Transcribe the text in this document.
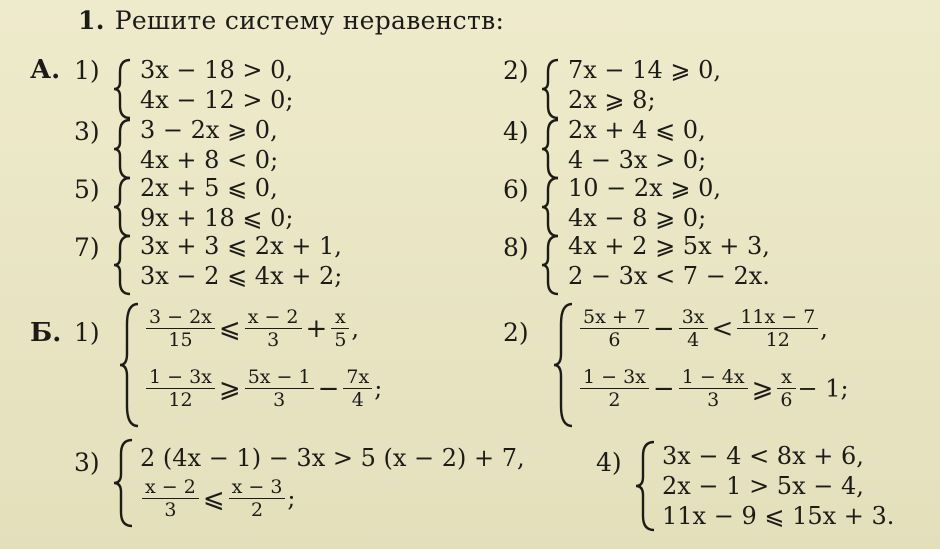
1. Решите систему неравенств:
А. 1) 3x − 18 > 0,
4x − 12 > 0;
2) 7x − 14 ⩾ 0,
2x ⩾ 8;
3) 3 − 2x ⩾ 0,
4x + 8 < 0;
4) 2x + 4 ⩽ 0,
4 − 3x > 0;
5) 2x + 5 ⩽ 0,
9x + 18 ⩽ 0;
6) 10 − 2x ⩾ 0,
4x − 8 ⩾ 0;
7) 3x + 3 ⩽ 2x + 1,
3x − 2 ⩽ 4x + 2;
8) 4x + 2 ⩾ 5x + 3,
2 − 3x < 7 − 2x.
Б. $1) \frac{3 - 2x}{15}$ ⩽ $\frac{x - 2}{3} + \frac{x}{5}$ ,
$\frac{1 - 3x}{12}$ ⩾ $\frac{5x - 1}{3} - \frac{7x}{4}$ ;
2)	$\frac{5x + 7}{6} - \frac{3x}{4} < \frac{11x - 7}{12}$ ,
$\frac{1 - 3x}{2} - \frac{1 - 4x}{3}$ ⩾ $\frac{x}{6} - 1$;
3) 2 (4x − 1) − 3x > 5 (x − 2) + 7,
$\frac{x - 2}{3}$ ⩽ $\frac{x - 3}{2}$ ;
4) 3x − 4 < 8x + 6,
2x − 1 > 5x − 4,
11x − 9 ⩽ 15x + 3.
